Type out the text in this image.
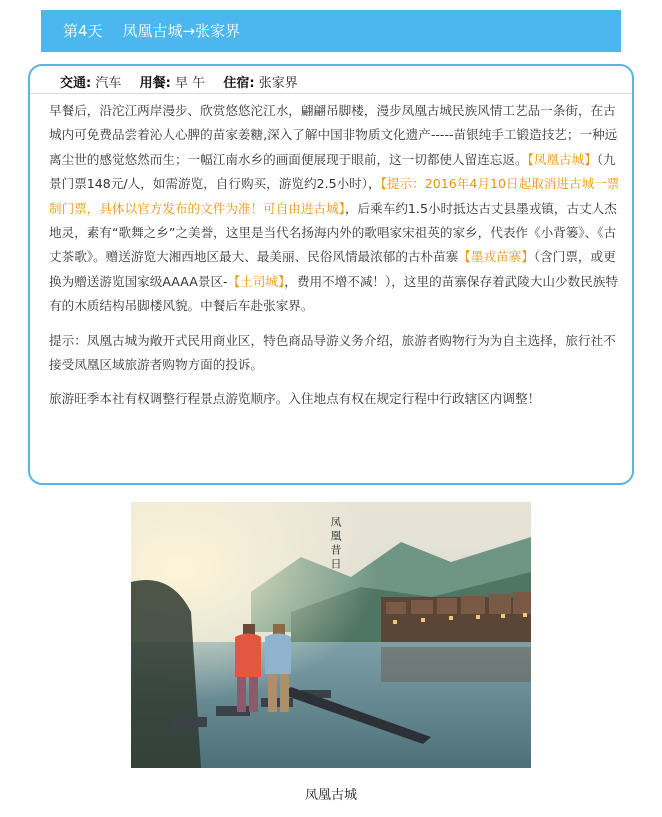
第4天 凤凰古城→张家界
交通: 汽车 用餐: 早 午 住宿: 张家界

早餐后，沿沱江两岸漫步、欣赏悠悠沱江水，翩翩吊脚楼，漫步凤凰古城民族风情工艺品一条街，在古城内可免费品尝着沁人心脾的苗家姜糖,深入了解中国非物质文化遗产-----苗银纯手工锻造技艺；一种远离尘世的感觉悠然而生；一幅江南水乡的画面便展现于眼前，这一切都使人留连忘返。【凤凰古城】（九景门票148元/人，如需游览，自行购买，游览约2.5小时），【提示：2016年4月10日起取消进古城一票制门票，具体以官方发布的文件为准！可自由进古城】，后乘车约1.5小时抵达古丈县墨戎镇，古丈人杰地灵，素有“歌舞之乡”之美誉，这里是当代名扬海内外的歌唱家宋祖英的家乡，代表作《小背篓》、《古丈茶歌》。赠送游览大湘西地区最大、最美丽、民俗风情最浓郁的古朴苗寨【墨戎苗寨】（含门票，或更换为赠送游览国家级AAAA景区-【土司城】，费用不增不减！），这里的苗寨保存着武陵大山少数民族特有的木质结构吊脚楼风貌。中餐后车赴张家界。

提示：凤凰古城为敞开式民用商业区，特色商品导游义务介绍，旅游者购物行为为自主选择，旅行社不接受凤凰区域旅游者购物方面的投诉。

旅游旺季本社有权调整行程景点游览顺序。入住地点有权在规定行程中行政辖区内调整！

凤凰昔日
凤凰古城
